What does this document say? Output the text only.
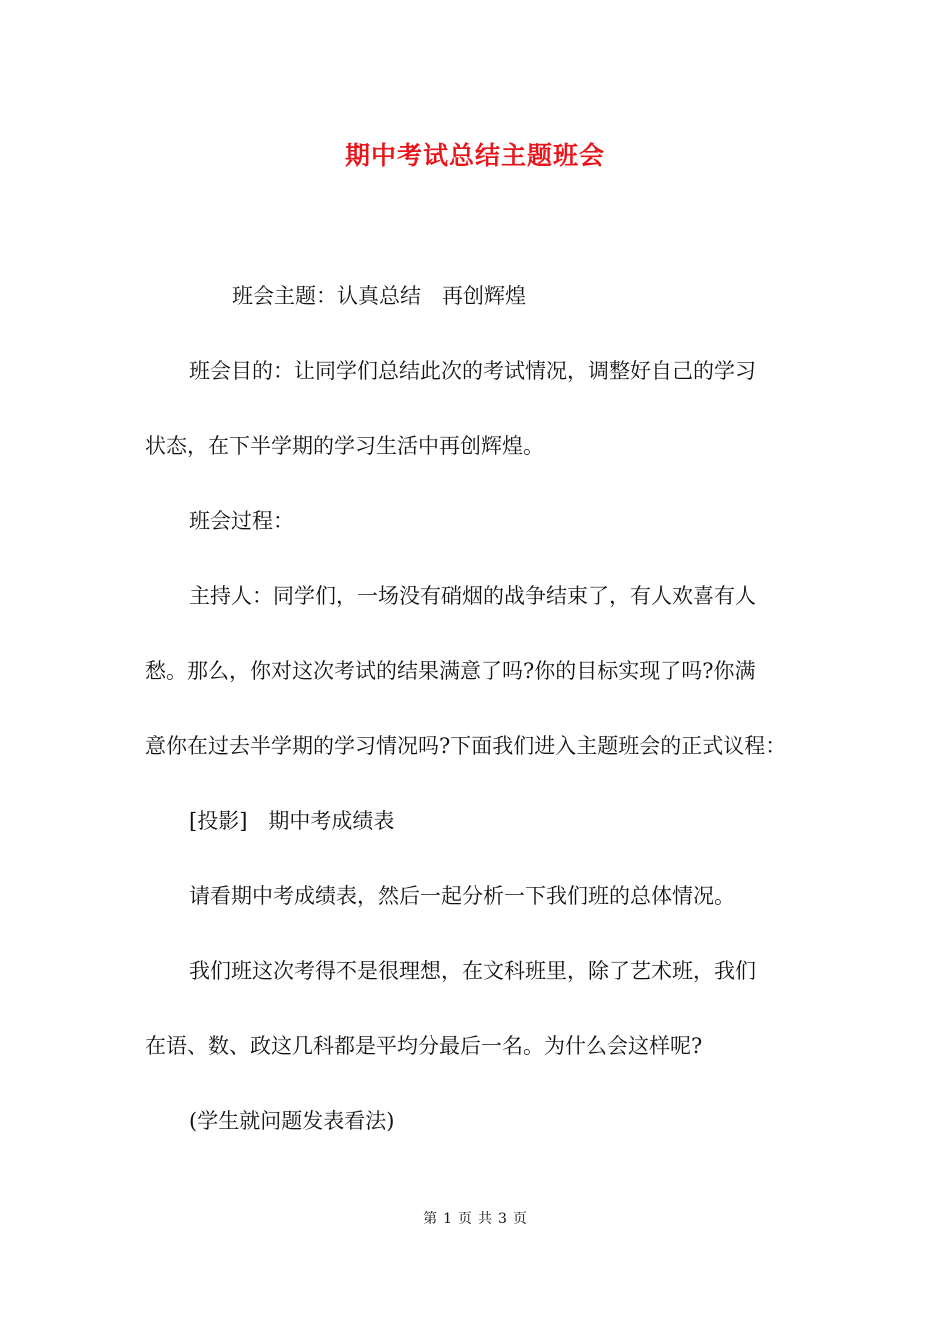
期中考试总结主题班会
班会主题：认真总结　再创辉煌
班会目的：让同学们总结此次的考试情况，调整好自己的学习
状态，在下半学期的学习生活中再创辉煌。
班会过程：
主持人：同学们，一场没有硝烟的战争结束了，有人欢喜有人
愁。那么，你对这次考试的结果满意了吗?你的目标实现了吗?你满
意你在过去半学期的学习情况吗?下面我们进入主题班会的正式议程：
[投影]　期中考成绩表
请看期中考成绩表，然后一起分析一下我们班的总体情况。
我们班这次考得不是很理想，在文科班里，除了艺术班，我们
在语、数、政这几科都是平均分最后一名。为什么会这样呢?
(学生就问题发表看法)
第 1 页 共 3 页
